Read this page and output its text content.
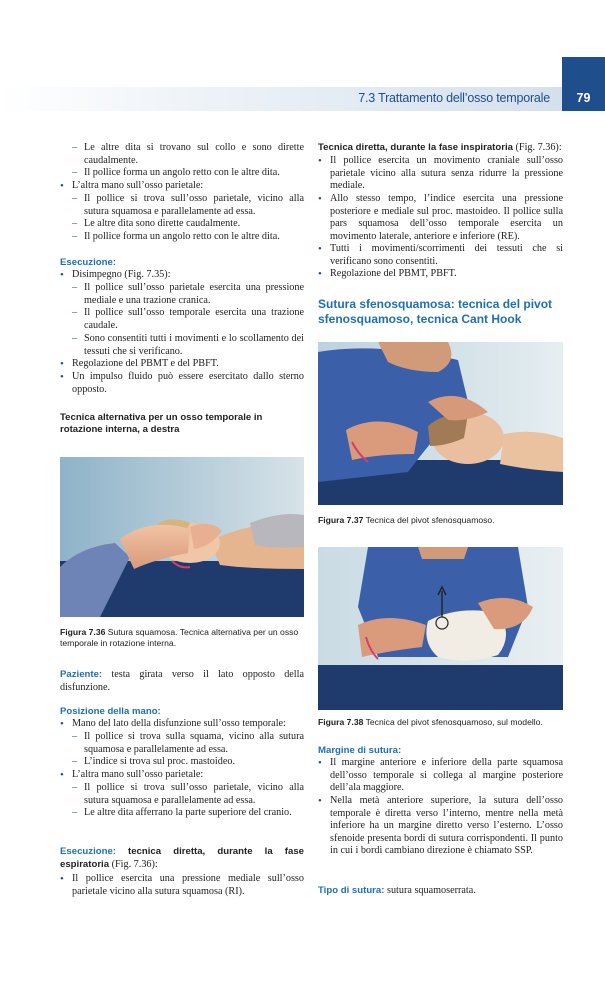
7.3 Trattamento dell’osso temporale	79
– Le altre dita si trovano sul collo e sono dirette caudalmente.
– Il pollice forma un angolo retto con le altre dita.
• L’altra mano sull’osso parietale:
– Il pollice si trova sull’osso parietale, vicino alla sutura squamosa e parallelamente ad essa.
– Le altre dita sono dirette caudalmente.
– Il pollice forma un angolo retto con le altre dita.
Esecuzione:
• Disimpegno (Fig. 7.35):
– Il pollice sull’osso parietale esercita una pressione mediale e una trazione cranica.
– Il pollice sull’osso temporale esercita una trazione caudale.
– Sono consentiti tutti i movimenti e lo scollamento dei tessuti che si verificano.
• Regolazione del PBMT e del PBFT.
• Un impulso fluido può essere esercitato dallo sterno opposto.
Tecnica alternativa per un osso temporale in rotazione interna, a destra
Figura 7.36 Sutura squamosa. Tecnica alternativa per un osso temporale in rotazione interna.
Paziente: testa girata verso il lato opposto della disfunzione.
Posizione della mano:
• Mano del lato della disfunzione sull’osso temporale:
– Il pollice si trova sulla squama, vicino alla sutura squamosa e parallelamente ad essa.
– L’indice si trova sul proc. mastoideo.
• L’altra mano sull’osso parietale:
– Il pollice si trova sull’osso parietale, vicino alla sutura squamosa e parallelamente ad essa.
– Le altre dita afferrano la parte superiore del cranio.
Esecuzione: tecnica diretta, durante la fase espiratoria (Fig. 7.36):
• Il pollice esercita una pressione mediale sull’osso parietale vicino alla sutura squamosa (RI).
Tecnica diretta, durante la fase inspiratoria (Fig. 7.36):
• Il pollice esercita un movimento craniale sull’osso parietale vicino alla sutura senza ridurre la pressione mediale.
• Allo stesso tempo, l’indice esercita una pressione posteriore e mediale sul proc. mastoideo. Il pollice sulla pars squamosa dell’osso temporale esercita un movimento laterale, anteriore e inferiore (RE).
• Tutti i movimenti/scorrimenti dei tessuti che si verificano sono consentiti.
• Regolazione del PBMT, PBFT.
Sutura sfenosquamosa: tecnica del pivot sfenosquamoso, tecnica Cant Hook
Figura 7.37 Tecnica del pivot sfenosquamoso.
Figura 7.38 Tecnica del pivot sfenosquamoso, sul modello.
Margine di sutura:
• Il margine anteriore e inferiore della parte squamosa dell’osso temporale si collega al margine posteriore dell’ala maggiore.
• Nella metà anteriore superiore, la sutura dell’osso temporale è diretta verso l’interno, mentre nella metà inferiore ha un margine diretto verso l’esterno. L’osso sfenoide presenta bordi di sutura corrispondenti. Il punto in cui i bordi cambiano direzione è chiamato SSP.
Tipo di sutura: sutura squamoserrata.
